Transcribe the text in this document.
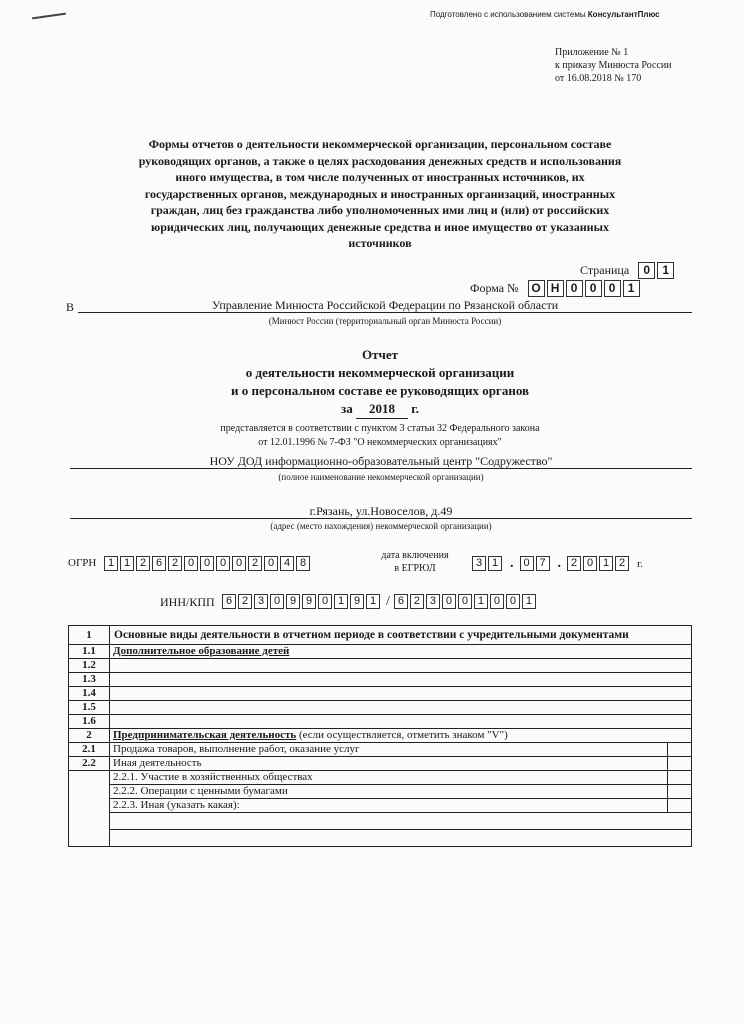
Подготовлено с использованием системы КонсультантПлюс
Приложение № 1
к приказу Минюста России
от 16.08.2018 № 170
Формы отчетов о деятельности некоммерческой организации, персональном составе
руководящих органов, а также о целях расходования денежных средств и использования
иного имущества, в том числе полученных от иностранных источников, их
государственных органов, международных и иностранных организаций, иностранных
граждан, лиц без гражданства либо уполномоченных ими лиц и (или) от российских
юридических лиц, получающих денежные средства и иное имущество от указанных
источников
Страница	0	1
Форма №	О Н 0	0	0	1
В	Управление Минюста Российской Федерации по Рязанской области
(Минюст России (территориальный орган Минюста России)
Отчет
о деятельности некоммерческой организации
и о персональном составе ее руководящих органов
за 2018 г.
представляется в соответствии с пунктом 3 статьи 32 Федерального закона
от 12.01.1996 № 7-ФЗ "О некоммерческих организациях"
НОУ ДОД информационно-образовательный центр "Содружество"
(полное наименование некоммерческой организации)
г.Рязань, ул.Новоселов, д.49
(адрес (место нахождения) некоммерческой организации)
ОГРН	1 1 2 6 2 0 0 0 0 2 0 4 8
дата включения
в ЕГРЮЛ	3 1 . 0 7 . 2 0 1 2	г.
ИНН/КПП	6 2 3 0 9 9 0 1 9 1 / 6 2 3 0 0 1 0 0 1
1	Основные виды деятельности в отчетном периоде в соответствии с учредительными документами	
1.1	Дополнительное образование детей	
1.2		
1.3		
1.4		
1.5		
1.6		
2	Предпринимательская деятельность (если осуществляется, отметить знаком "V")	
2.1	Продажа товаров, выполнение работ, оказание услуг	
2.2	Иная деятельность	
	2.2.1. Участие в хозяйственных обществах	
	2.2.2. Операции с ценными бумагами	
	2.2.3. Иная (указать какая):	
